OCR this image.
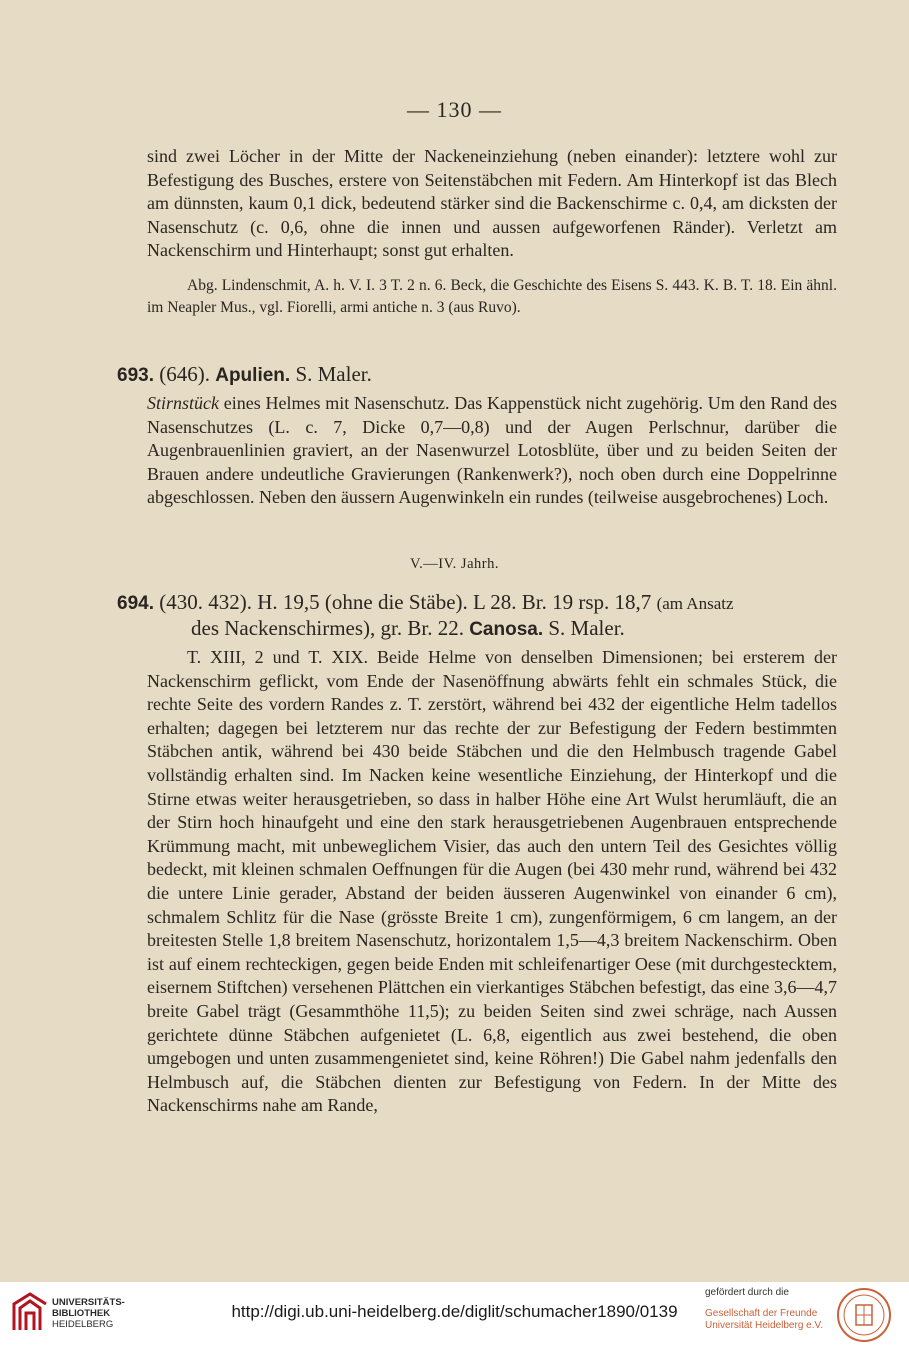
— 130 —

sind zwei Löcher in der Mitte der Nackeneinziehung (neben einander): letztere wohl zur Befestigung des Busches, erstere von Seitenstäbchen mit Federn. Am Hinterkopf ist das Blech am dünnsten, kaum 0,1 dick, bedeutend stärker sind die Backenschirme c. 0,4, am dicksten der Nasenschutz (c. 0,6, ohne die innen und aussen aufgeworfenen Ränder). Verletzt am Nackenschirm und Hinterhaupt; sonst gut erhalten.

Abg. Lindenschmit, A. h. V. I. 3 T. 2 n. 6. Beck, die Geschichte des Eisens S. 443. K. B. T. 18. Ein ähnl. im Neapler Mus., vgl. Fiorelli, armi antiche n. 3 (aus Ruvo).

693. (646). Apulien. S. Maler.

Stirnstück eines Helmes mit Nasenschutz. Das Kappenstück nicht zugehörig. Um den Rand des Nasenschutzes (L. c. 7, Dicke 0,7—0,8) und der Augen Perlschnur, darüber die Augenbrauenlinien graviert, an der Nasenwurzel Lotosblüte, über und zu beiden Seiten der Brauen andere undeutliche Gravierungen (Rankenwerk?), noch oben durch eine Doppelrinne abgeschlossen. Neben den äussern Augenwinkeln ein rundes (teilweise ausgebrochenes) Loch.

V.—IV. Jahrh.
694. (430. 432). H. 19,5 (ohne die Stäbe). L 28. Br. 19 rsp. 18,7 (am Ansatz
des Nackenschirmes), gr. Br. 22. Canosa. S. Maler.

T. XIII, 2 und T. XIX. Beide Helme von denselben Dimensionen; bei ersterem der Nackenschirm geflickt, vom Ende der Nasenöffnung abwärts fehlt ein schmales Stück, die rechte Seite des vordern Randes z. T. zerstört, während bei 432 der eigentliche Helm tadellos erhalten; dagegen bei letzterem nur das rechte der zur Befestigung der Federn bestimmten Stäbchen antik, während bei 430 beide Stäbchen und die den Helmbusch tragende Gabel vollständig erhalten sind. Im Nacken keine wesentliche Einziehung, der Hinterkopf und die Stirne etwas weiter herausgetrieben, so dass in halber Höhe eine Art Wulst herumläuft, die an der Stirn hoch hinaufgeht und eine den stark herausgetriebenen Augenbrauen entsprechende Krümmung macht, mit unbeweglichem Visier, das auch den untern Teil des Gesichtes völlig bedeckt, mit kleinen schmalen Oeffnungen für die Augen (bei 430 mehr rund, während bei 432 die untere Linie gerader, Abstand der beiden äusseren Augenwinkel von einander 6 cm), schmalem Schlitz für die Nase (grösste Breite 1 cm), zungenförmigem, 6 cm langem, an der breitesten Stelle 1,8 breitem Nasenschutz, horizontalem 1,5—4,3 breitem Nackenschirm. Oben ist auf einem rechteckigen, gegen beide Enden mit schleifenartiger Oese (mit durchgestecktem, eisernem Stiftchen) versehenen Plättchen ein vierkantiges Stäbchen befestigt, das eine 3,6—4,7 breite Gabel trägt (Gesammthöhe 11,5); zu beiden Seiten sind zwei schräge, nach Aussen gerichtete dünne Stäbchen aufgenietet (L. 6,8, eigentlich aus zwei bestehend, die oben umgebogen und unten zusammengenietet sind, keine Röhren!) Die Gabel nahm jedenfalls den Helmbusch auf, die Stäbchen dienten zur Befestigung von Federn. In der Mitte des Nackenschirms nahe am Rande,

UNIVERSITÄTS-
BIBLIOTHEK
HEIDELBERG
http://digi.ub.uni-heidelberg.de/diglit/schumacher1890/0139
gefördert durch die
Gesellschaft der Freunde
Universität Heidelberg e.V.
